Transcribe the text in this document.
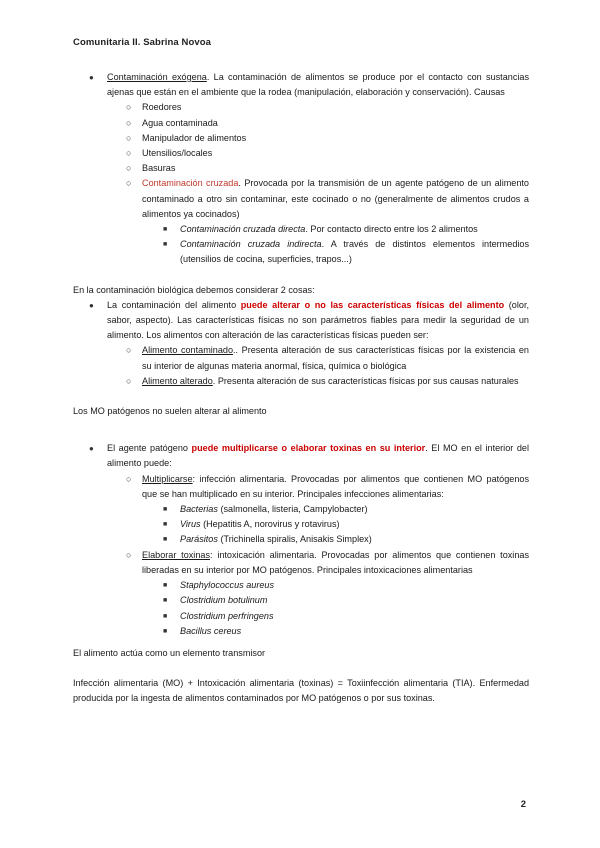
Comunitaria II. Sabrina Novoa
● Contaminación exógena. La contaminación de alimentos se produce por el contacto con sustancias ajenas que están en el ambiente que la rodea (manipulación, elaboración y conservación). Causas
○ Roedores
○ Agua contaminada
○ Manipulador de alimentos
○ Utensilios/locales
○ Basuras
○ Contaminación cruzada. Provocada por la transmisión de un agente patógeno de un alimento contaminado a otro sin contaminar, este cocinado o no (generalmente de alimentos crudos a alimentos ya cocinados)
■ Contaminación cruzada directa. Por contacto directo entre los 2 alimentos
■ Contaminación cruzada indirecta. A través de distintos elementos intermedios (utensilios de cocina, superficies, trapos...)

En la contaminación biológica debemos considerar 2 cosas:

● La contaminación del alimento puede alterar o no las características físicas del alimento (olor, sabor, aspecto). Las características físicas no son parámetros fiables para medir la seguridad de un alimento. Los alimentos con alteración de las características físicas pueden ser:
○ Alimento contaminado.. Presenta alteración de sus características físicas por la existencia en su interior de algunas materia anormal, física, química o biológica
○ Alimento alterado. Presenta alteración de sus características físicas por sus causas naturales

Los MO patógenos no suelen alterar al alimento

● El agente patógeno puede multiplicarse o elaborar toxinas en su interior. El MO en el interior del alimento puede:
○ Multiplicarse: infección alimentaria. Provocadas por alimentos que contienen MO patógenos que se han multiplicado en su interior. Principales infecciones alimentarias:
■ Bacterias (salmonella, listeria, Campylobacter)
■ Virus (Hepatitis A, norovirus y rotavirus)
■ Parásitos (Trichinella spiralis, Anisakis Simplex)
○ Elaborar toxinas: intoxicación alimentaria. Provocadas por alimentos que contienen toxinas liberadas en su interior por MO patógenos. Principales intoxicaciones alimentarias
■ Staphylococcus aureus
■ Clostridium botulinum
■ Clostridium perfringens
■ Bacillus cereus

El alimento actúa como un elemento transmisor

Infección alimentaria (MO) + Intoxicación alimentaria (toxinas) = Toxiinfección alimentaria (TIA). Enfermedad producida por la ingesta de alimentos contaminados por MO patógenos o por sus toxinas.

2
